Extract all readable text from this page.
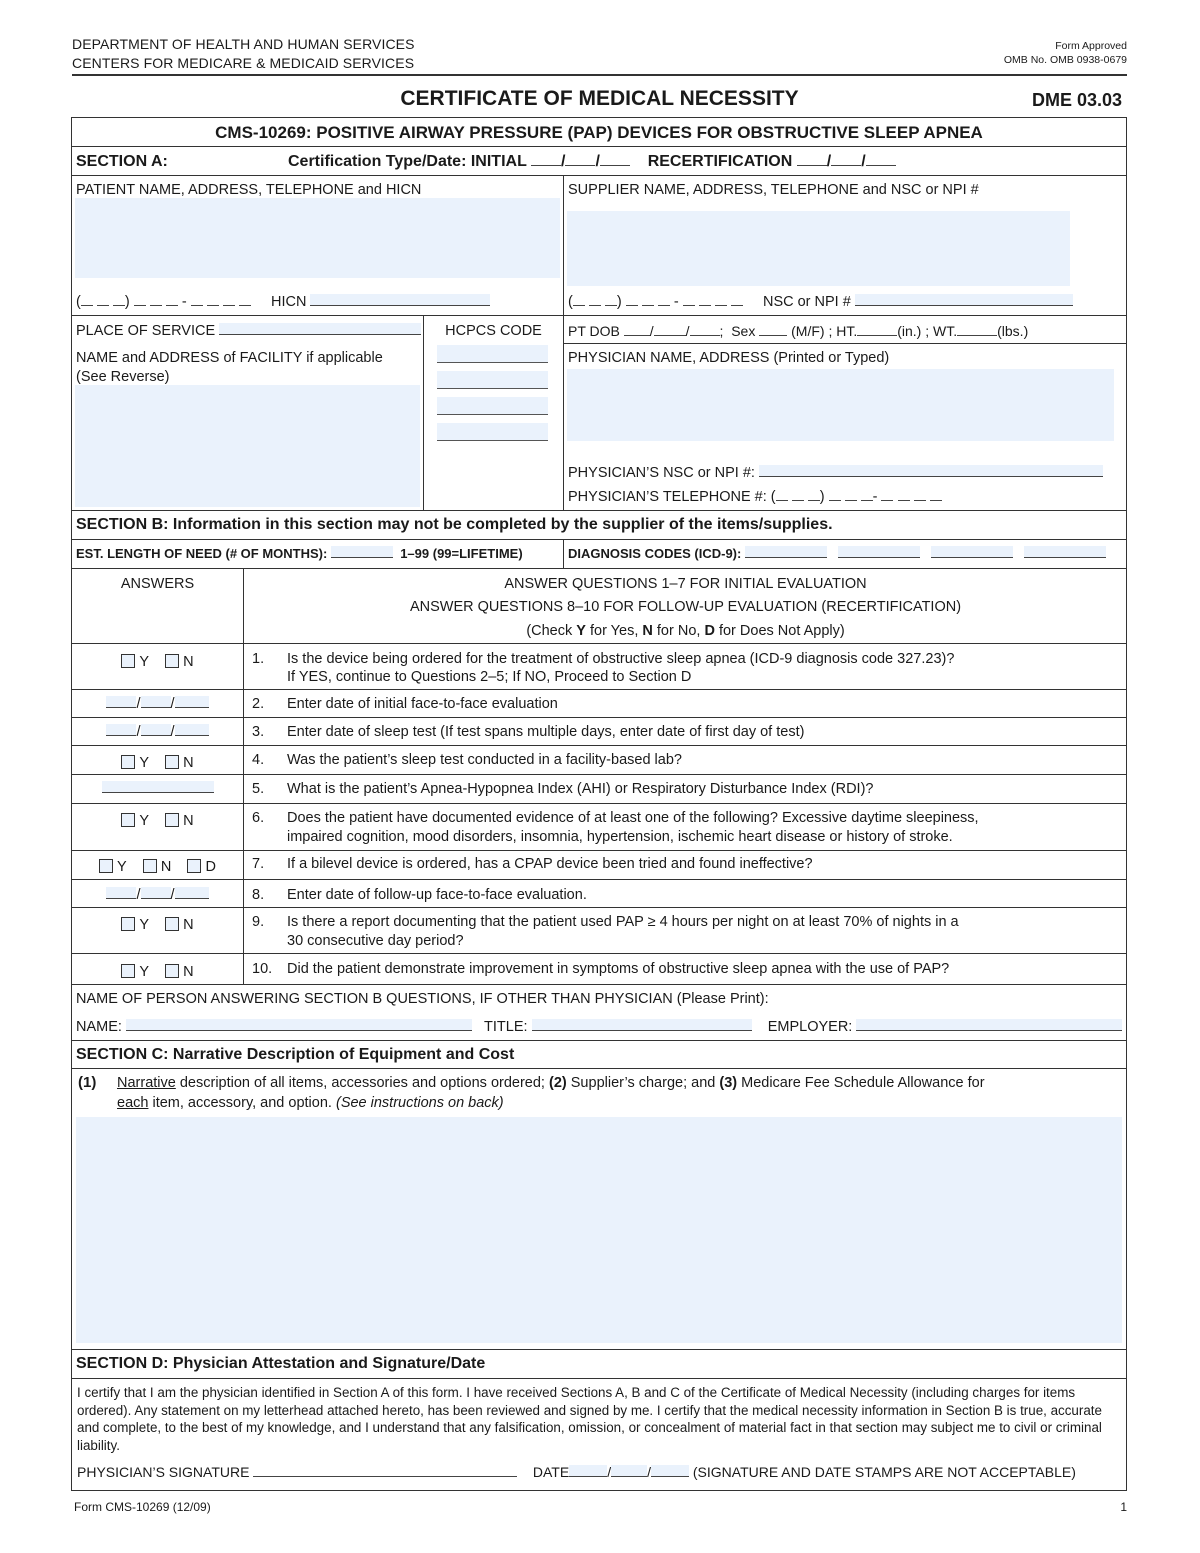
DEPARTMENT OF HEALTH AND HUMAN SERVICES
CENTERS FOR MEDICARE & MEDICAID SERVICES
Form Approved
OMB No. OMB 0938-0679
CERTIFICATE OF MEDICAL NECESSITY	DME 03.03
CMS-10269: POSITIVE AIRWAY PRESSURE (PAP) DEVICES FOR OBSTRUCTIVE SLEEP APNEA
SECTION A:	Certification Type/Date: INITIAL / /	RECERTIFICATION / /
PATIENT NAME, ADDRESS, TELEPHONE and HICN
(	)	-	HICN
SUPPLIER NAME, ADDRESS, TELEPHONE and NSC or NPI #
(	)	-	NSC or NPI #
PLACE OF SERVICE	HCPCS CODE	PT DOB / / ;  Sex	(M/F) ; HT.	(in.) ; WT.	(lbs.)
NAME and ADDRESS of FACILITY if applicable
(See Reverse)
PHYSICIAN NAME, ADDRESS (Printed or Typed)
PHYSICIAN’S NSC or NPI #:
PHYSICIAN’S TELEPHONE #: (	)	-
SECTION B: Information in this section may not be completed by the supplier of the items/supplies.
EST. LENGTH OF NEED (# OF MONTHS):	1–99 (99=LIFETIME)	DIAGNOSIS CODES (ICD-9):
ANSWERS	ANSWER QUESTIONS 1–7 FOR INITIAL EVALUATION
ANSWER QUESTIONS 8–10 FOR FOLLOW-UP EVALUATION (RECERTIFICATION)
(Check Y for Yes, N for No, D for Does Not Apply)
Y N	1. Is the device being ordered for the treatment of obstructive sleep apnea (ICD-9 diagnosis code 327.23)?
If YES, continue to Questions 2–5; If NO, Proceed to Section D
/ /	2. Enter date of initial face-to-face evaluation
/ /	3. Enter date of sleep test (If test spans multiple days, enter date of first day of test)
Y N	4. Was the patient’s sleep test conducted in a facility-based lab?
5. What is the patient’s Apnea-Hypopnea Index (AHI) or Respiratory Disturbance Index (RDI)?
Y N	6. Does the patient have documented evidence of at least one of the following? Excessive daytime sleepiness,
impaired cognition, mood disorders, insomnia, hypertension, ischemic heart disease or history of stroke.
Y N D	7. If a bilevel device is ordered, has a CPAP device been tried and found ineffective?
/ /	8. Enter date of follow-up face-to-face evaluation.
Y N	9. Is there a report documenting that the patient used PAP ≥ 4 hours per night on at least 70% of nights in a
30 consecutive day period?
Y N	10. Did the patient demonstrate improvement in symptoms of obstructive sleep apnea with the use of PAP?
NAME OF PERSON ANSWERING SECTION B QUESTIONS, IF OTHER THAN PHYSICIAN (Please Print):
NAME:	TITLE:	EMPLOYER:
SECTION C: Narrative Description of Equipment and Cost
(1) Narrative description of all items, accessories and options ordered; (2) Supplier’s charge; and (3) Medicare Fee Schedule Allowance for
each item, accessory, and option. (See instructions on back)
SECTION D: Physician Attestation and Signature/Date
I certify that I am the physician identified in Section A of this form. I have received Sections A, B and C of the Certificate of Medical Necessity (including charges for items ordered). Any statement on my letterhead attached hereto, has been reviewed and signed by me. I certify that the medical necessity information in Section B is true, accurate and complete, to the best of my knowledge, and I understand that any falsification, omission, or concealment of material fact in that section may subject me to civil or criminal liability.
PHYSICIAN’S SIGNATURE	DATE	/	/	(SIGNATURE AND DATE STAMPS ARE NOT ACCEPTABLE)
Form CMS-10269 (12/09)	1
